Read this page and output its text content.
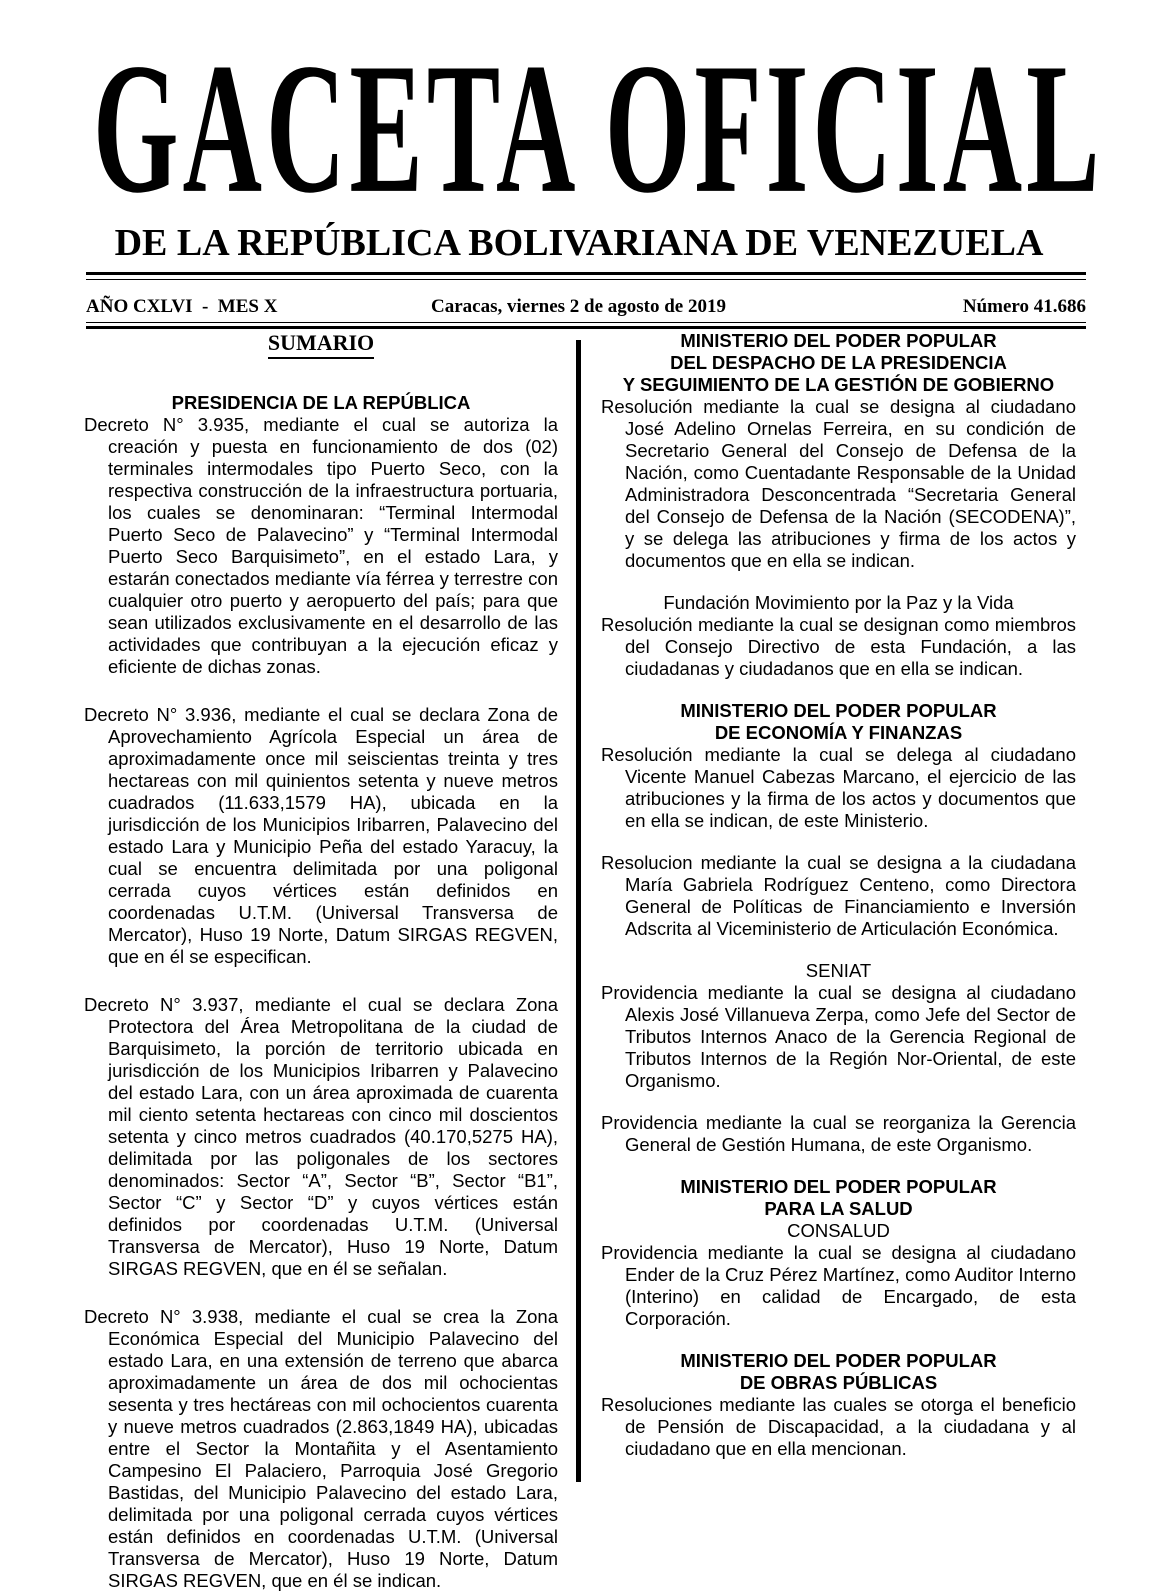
GACETA OFICIAL
DE LA REPÚBLICA BOLIVARIANA DE VENEZUELA
AÑO CXLVI  -  MES X	Caracas, viernes 2 de agosto de 2019	Número 41.686
SUMARIO

PRESIDENCIA DE LA REPÚBLICA

Decreto N° 3.935, mediante el cual se autoriza la creación y puesta en funcionamiento de dos (02) terminales intermodales tipo Puerto Seco, con la respectiva construcción de la infraestructura portuaria, los cuales se denominaran: “Terminal Intermodal Puerto Seco de Palavecino” y “Terminal Intermodal Puerto Seco Barquisimeto”, en el estado Lara, y estarán conectados mediante vía férrea y terrestre con cualquier otro puerto y aeropuerto del país; para que sean utilizados exclusivamente en el desarrollo de las actividades que contribuyan a la ejecución eficaz y eficiente de dichas zonas.

Decreto N° 3.936, mediante el cual se declara Zona de Aprovechamiento Agrícola Especial un área de aproximadamente once mil seiscientas treinta y tres hectareas con mil quinientos setenta y nueve metros cuadrados (11.633,1579 HA), ubicada en la jurisdicción de los Municipios Iribarren, Palavecino del estado Lara y Municipio Peña del estado Yaracuy, la cual se encuentra delimitada por una poligonal cerrada cuyos vértices están definidos en coordenadas U.T.M. (Universal Transversa de Mercator), Huso 19 Norte, Datum SIRGAS REGVEN, que en él se especifican.

Decreto N° 3.937, mediante el cual se declara Zona Protectora del Área Metropolitana de la ciudad de Barquisimeto, la porción de territorio ubicada en jurisdicción de los Municipios Iribarren y Palavecino del estado Lara, con un área aproximada de cuarenta mil ciento setenta hectareas con cinco mil doscientos setenta y cinco metros cuadrados (40.170,5275 HA), delimitada por las poligonales de los sectores denominados: Sector “A”, Sector “B”, Sector “B1”, Sector “C” y Sector “D” y cuyos vértices están definidos por coordenadas U.T.M. (Universal Transversa de Mercator), Huso 19 Norte, Datum SIRGAS REGVEN, que en él se señalan.

Decreto N° 3.938, mediante el cual se crea la Zona Económica Especial del Municipio Palavecino del estado Lara, en una extensión de terreno que abarca aproximadamente un área de dos mil ochocientas sesenta y tres hectáreas con mil ochocientos cuarenta y nueve metros cuadrados (2.863,1849 HA), ubicadas entre el Sector la Montañita y el Asentamiento Campesino El Palaciero, Parroquia José Gregorio Bastidas, del Municipio Palavecino del estado Lara, delimitada por una poligonal cerrada cuyos vértices están definidos en coordenadas U.T.M. (Universal Transversa de Mercator), Huso 19 Norte, Datum SIRGAS REGVEN, que en él se indican.

MINISTERIO DEL PODER POPULAR

DEL DESPACHO DE LA PRESIDENCIA

Y SEGUIMIENTO DE LA GESTIÓN DE GOBIERNO

Resolución mediante la cual se designa al ciudadano José Adelino Ornelas Ferreira, en su condición de Secretario General del Consejo de Defensa de la Nación, como Cuentadante Responsable de la Unidad Administradora Desconcentrada “Secretaria General del Consejo de Defensa de la Nación (SECODENA)”, y se delega las atribuciones y firma de los actos y documentos que en ella se indican.

Fundación Movimiento por la Paz y la Vida

Resolución mediante la cual se designan como miembros del Consejo Directivo de esta Fundación, a las ciudadanas y ciudadanos que en ella se indican.

MINISTERIO DEL PODER POPULAR

DE ECONOMÍA Y FINANZAS

Resolución mediante la cual se delega al ciudadano Vicente Manuel Cabezas Marcano, el ejercicio de las atribuciones y la firma de los actos y documentos que en ella se indican, de este Ministerio.

Resolucion mediante la cual se designa a la ciudadana María Gabriela Rodríguez Centeno, como Directora General de Políticas de Financiamiento e Inversión Adscrita al Viceministerio de Articulación Económica.

SENIAT

Providencia mediante la cual se designa al ciudadano Alexis José Villanueva Zerpa, como Jefe del Sector de Tributos Internos Anaco de la Gerencia Regional de Tributos Internos de la Región Nor-Oriental, de este Organismo.

Providencia mediante la cual se reorganiza la Gerencia General de Gestión Humana, de este Organismo.

MINISTERIO DEL PODER POPULAR

PARA LA SALUD

CONSALUD

Providencia mediante la cual se designa al ciudadano Ender de la Cruz Pérez Martínez, como Auditor Interno (Interino) en calidad de Encargado, de esta Corporación.

MINISTERIO DEL PODER POPULAR

DE OBRAS PÚBLICAS

Resoluciones mediante las cuales se otorga el beneficio de Pensión de Discapacidad, a la ciudadana y al ciudadano que en ella mencionan.
